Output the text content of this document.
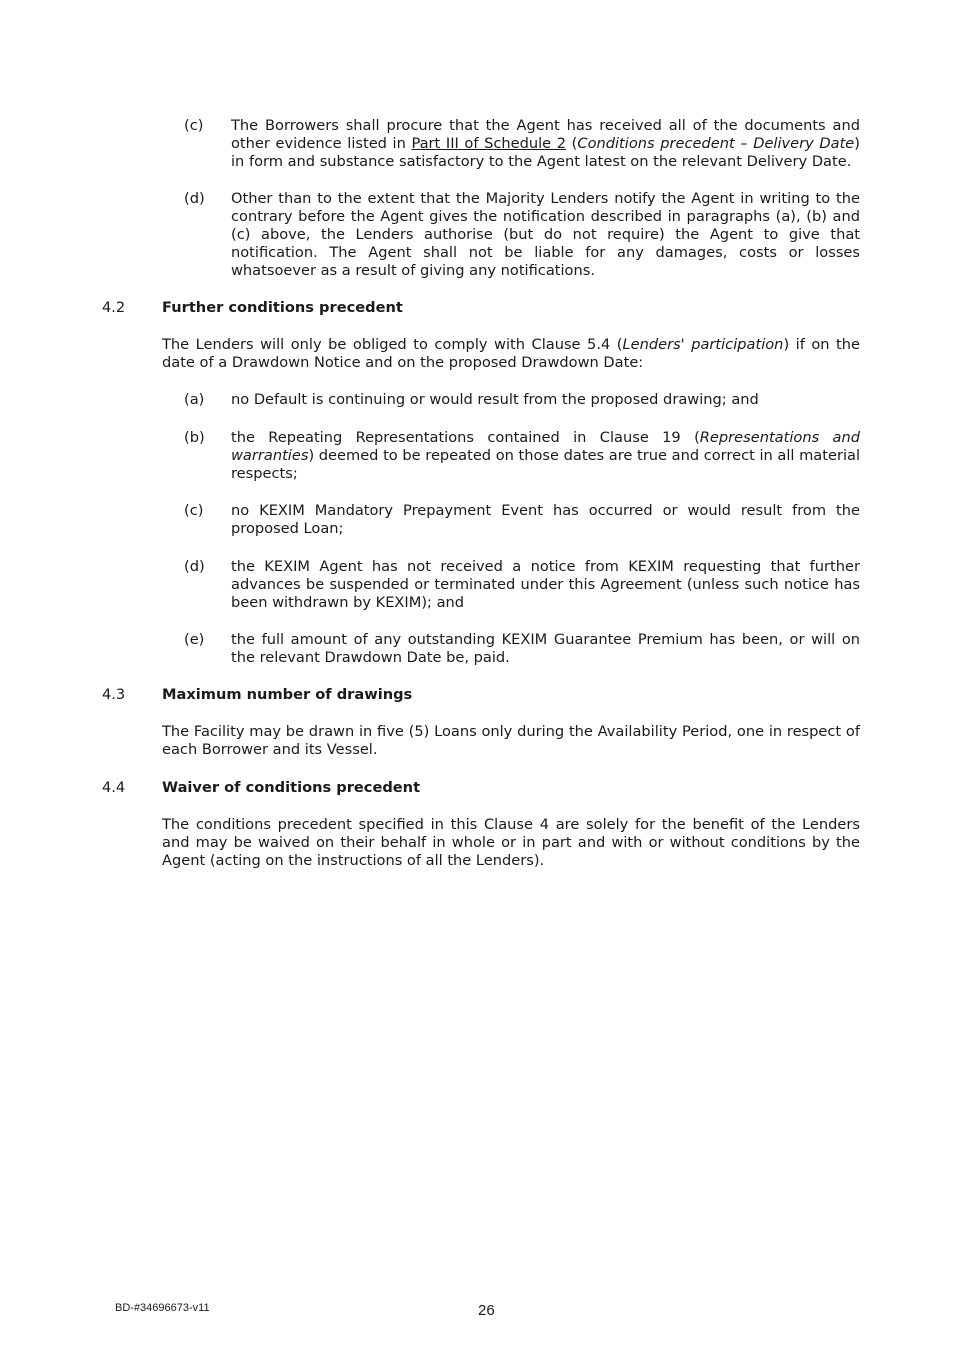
(c) The Borrowers shall procure that the Agent has received all of the documents and other evidence listed in Part III of Schedule 2 (Conditions precedent – Delivery Date) in form and substance satisfactory to the Agent latest on the relevant Delivery Date.
(d) Other than to the extent that the Majority Lenders notify the Agent in writing to the contrary before the Agent gives the notification described in paragraphs (a), (b) and (c) above, the Lenders authorise (but do not require) the Agent to give that notification. The Agent shall not be liable for any damages, costs or losses whatsoever as a result of giving any notifications.
4.2	Further conditions precedent
The Lenders will only be obliged to comply with Clause 5.4 (Lenders' participation) if on the date of a Drawdown Notice and on the proposed Drawdown Date:
(a) no Default is continuing or would result from the proposed drawing; and
(b) the Repeating Representations contained in Clause 19 (Representations and warranties) deemed to be repeated on those dates are true and correct in all material respects;
(c) no KEXIM Mandatory Prepayment Event has occurred or would result from the proposed Loan;
(d) the KEXIM Agent has not received a notice from KEXIM requesting that further advances be suspended or terminated under this Agreement (unless such notice has been withdrawn by KEXIM); and
(e) the full amount of any outstanding KEXIM Guarantee Premium has been, or will on the relevant Drawdown Date be, paid.
4.3	Maximum number of drawings
The Facility may be drawn in five (5) Loans only during the Availability Period, one in respect of each Borrower and its Vessel.
4.4	Waiver of conditions precedent
The conditions precedent specified in this Clause 4 are solely for the benefit of the Lenders and may be waived on their behalf in whole or in part and with or without conditions by the Agent (acting on the instructions of all the Lenders).
BD-#34696673-v11	26
